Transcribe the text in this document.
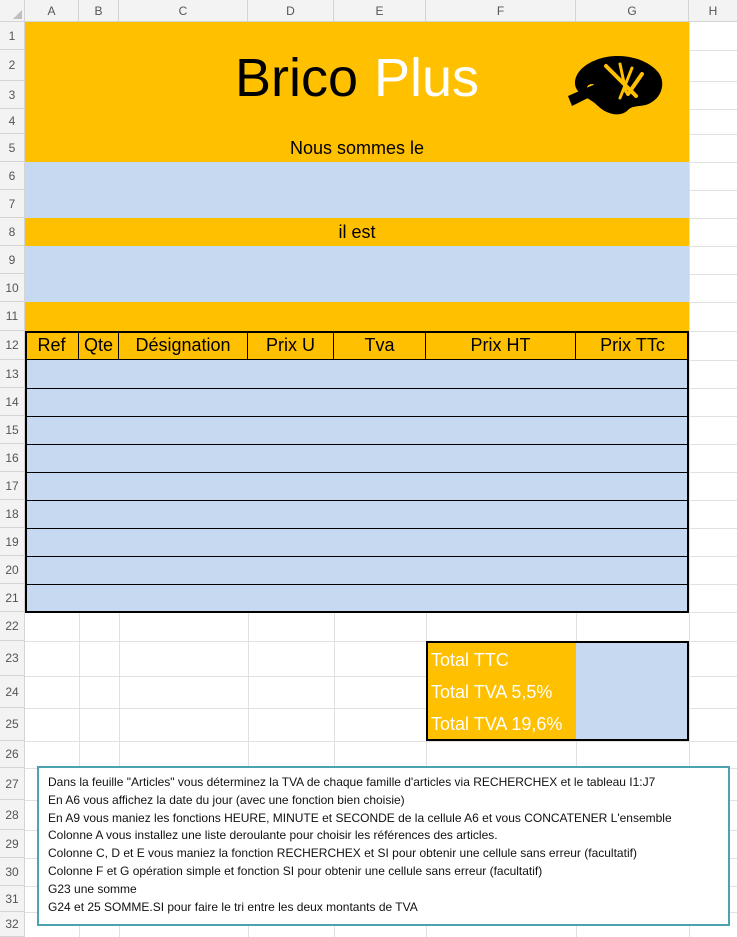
A	B	C	D	E	F	G	H
1
2
3
4
5
6
7
8
9
10
11
12
13
14
15
16
17
18
19
20
21
22
23
24
25
26
27
28
29
30
31
32
Brico Plus
Nous sommes le
il est
Ref	Qte	Désignation	Prix U	Tva	Prix HT	Prix TTc
Total TTC
Total TVA 5,5%
Total TVA 19,6%
Dans la feuille "Articles" vous déterminez la TVA de chaque famille d'articles via RECHERCHEX et le tableau I1:J7
En A6 vous affichez la date du jour (avec une fonction bien choisie)
En A9 vous maniez les fonctions HEURE, MINUTE et SECONDE de la cellule A6 et vous CONCATENER L'ensemble
Colonne A vous installez une liste deroulante pour choisir les références des articles.
Colonne C, D et E vous maniez la fonction RECHERCHEX et SI pour obtenir une cellule sans erreur (facultatif)
Colonne F et G opération simple et fonction SI pour obtenir une cellule sans erreur (facultatif)
G23 une somme
G24 et 25 SOMME.SI pour faire le tri entre les deux montants de TVA
